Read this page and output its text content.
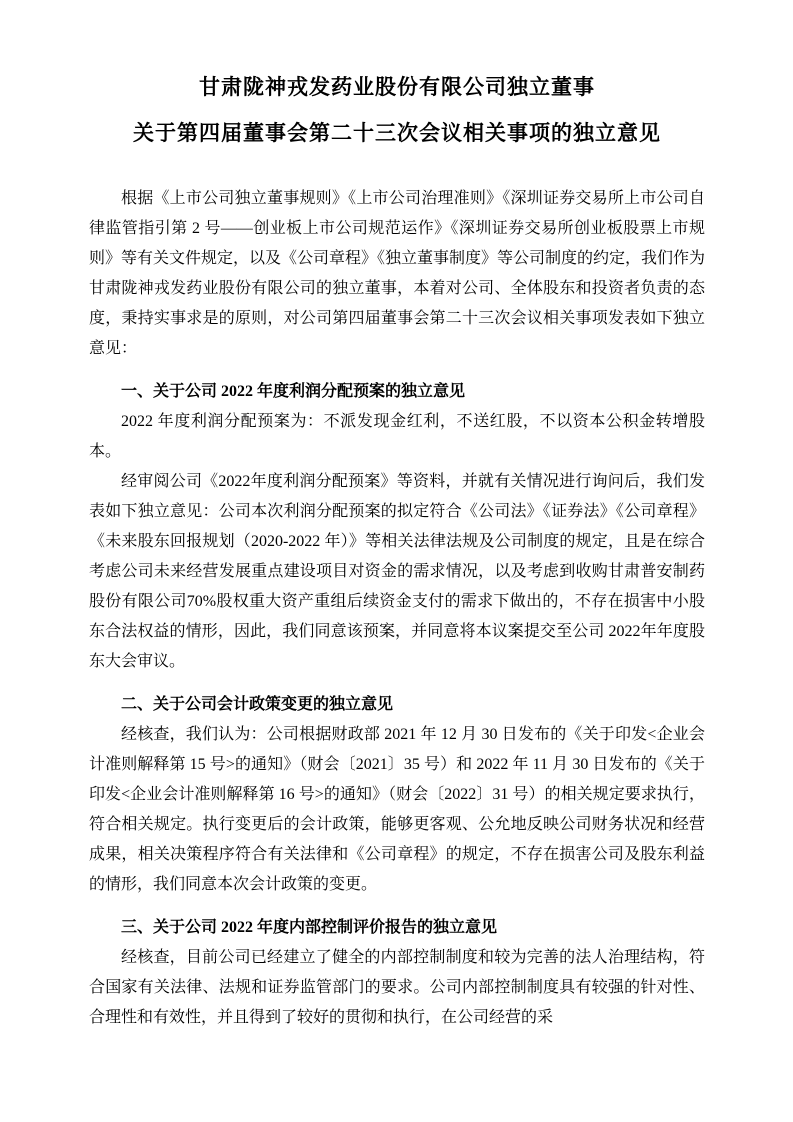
甘肃陇神戎发药业股份有限公司独立董事
关于第四届董事会第二十三次会议相关事项的独立意见

根据《上市公司独立董事规则》《上市公司治理准则》《深圳证券交易所上市公司自律监管指引第 2 号——创业板上市公司规范运作》《深圳证券交易所创业板股票上市规则》等有关文件规定，以及《公司章程》《独立董事制度》等公司制度的约定，我们作为甘肃陇神戎发药业股份有限公司的独立董事，本着对公司、全体股东和投资者负责的态度，秉持实事求是的原则，对公司第四届董事会第二十三次会议相关事项发表如下独立意见：

一、关于公司 2022 年度利润分配预案的独立意见

2022 年度利润分配预案为：不派发现金红利，不送红股，不以资本公积金转增股本。

经审阅公司《2022年度利润分配预案》等资料，并就有关情况进行询问后，我们发表如下独立意见：公司本次利润分配预案的拟定符合《公司法》《证券法》《公司章程》《未来股东回报规划（2020-2022 年）》等相关法律法规及公司制度的规定，且是在综合考虑公司未来经营发展重点建设项目对资金的需求情况，以及考虑到收购甘肃普安制药股份有限公司70%股权重大资产重组后续资金支付的需求下做出的，不存在损害中小股东合法权益的情形，因此，我们同意该预案，并同意将本议案提交至公司 2022年年度股东大会审议。

二、关于公司会计政策变更的独立意见

经核查，我们认为：公司根据财政部 2021 年 12 月 30 日发布的《关于印发<企业会计准则解释第 15 号>的通知》（财会〔2021〕35 号）和 2022 年 11 月 30 日发布的《关于印发<企业会计准则解释第 16 号>的通知》（财会〔2022〕31 号）的相关规定要求执行，符合相关规定。执行变更后的会计政策，能够更客观、公允地反映公司财务状况和经营成果，相关决策程序符合有关法律和《公司章程》的规定，不存在损害公司及股东利益的情形，我们同意本次会计政策的变更。

三、关于公司 2022 年度内部控制评价报告的独立意见

经核查，目前公司已经建立了健全的内部控制制度和较为完善的法人治理结构，符合国家有关法律、法规和证券监管部门的要求。公司内部控制制度具有较强的针对性、合理性和有效性，并且得到了较好的贯彻和执行，在公司经营的采
